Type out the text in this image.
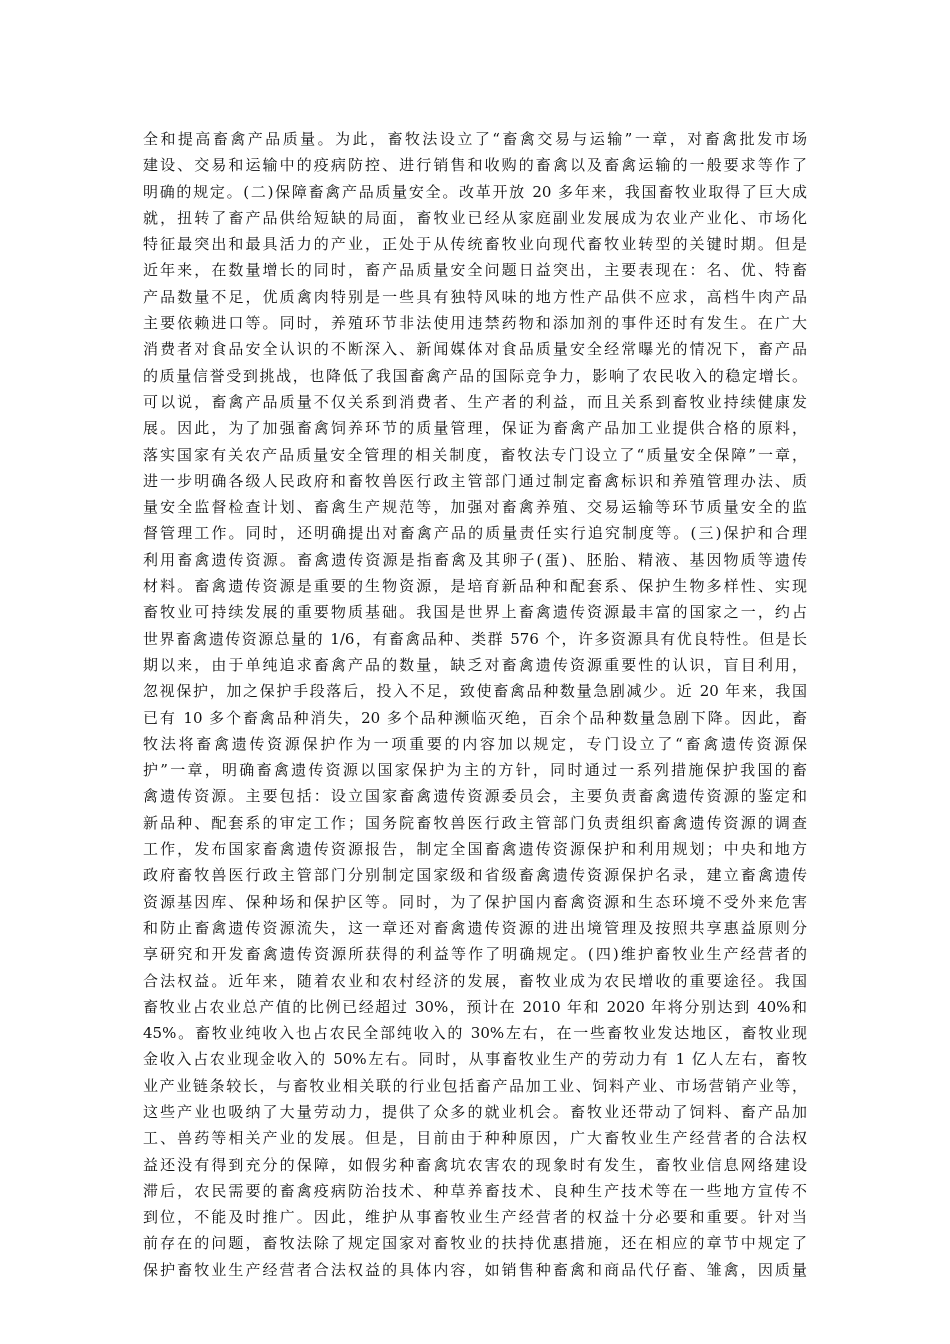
全和提高畜禽产品质量。为此，畜牧法设立了“畜禽交易与运输”一章，对畜禽批发市场
建设、交易和运输中的疫病防控、进行销售和收购的畜禽以及畜禽运输的一般要求等作了
明确的规定。(二)保障畜禽产品质量安全。改革开放 20 多年来，我国畜牧业取得了巨大成
就，扭转了畜产品供给短缺的局面，畜牧业已经从家庭副业发展成为农业产业化、市场化
特征最突出和最具活力的产业，正处于从传统畜牧业向现代畜牧业转型的关键时期。但是
近年来，在数量增长的同时，畜产品质量安全问题日益突出，主要表现在：名、优、特畜
产品数量不足，优质禽肉特别是一些具有独特风味的地方性产品供不应求，高档牛肉产品
主要依赖进口等。同时，养殖环节非法使用违禁药物和添加剂的事件还时有发生。在广大
消费者对食品安全认识的不断深入、新闻媒体对食品质量安全经常曝光的情况下，畜产品
的质量信誉受到挑战，也降低了我国畜禽产品的国际竞争力，影响了农民收入的稳定增长。
可以说，畜禽产品质量不仅关系到消费者、生产者的利益，而且关系到畜牧业持续健康发
展。因此，为了加强畜禽饲养环节的质量管理，保证为畜禽产品加工业提供合格的原料，
落实国家有关农产品质量安全管理的相关制度，畜牧法专门设立了“质量安全保障”一章，
进一步明确各级人民政府和畜牧兽医行政主管部门通过制定畜禽标识和养殖管理办法、质
量安全监督检查计划、畜禽生产规范等，加强对畜禽养殖、交易运输等环节质量安全的监
督管理工作。同时，还明确提出对畜禽产品的质量责任实行追究制度等。(三)保护和合理
利用畜禽遗传资源。畜禽遗传资源是指畜禽及其卵子(蛋)、胚胎、精液、基因物质等遗传
材料。畜禽遗传资源是重要的生物资源，是培育新品种和配套系、保护生物多样性、实现
畜牧业可持续发展的重要物质基础。我国是世界上畜禽遗传资源最丰富的国家之一，约占
世界畜禽遗传资源总量的 1/6，有畜禽品种、类群 576 个，许多资源具有优良特性。但是长
期以来，由于单纯追求畜禽产品的数量，缺乏对畜禽遗传资源重要性的认识，盲目利用，
忽视保护，加之保护手段落后，投入不足，致使畜禽品种数量急剧减少。近 20 年来，我国
已有 10 多个畜禽品种消失，20 多个品种濒临灭绝，百余个品种数量急剧下降。因此，畜
牧法将畜禽遗传资源保护作为一项重要的内容加以规定，专门设立了“畜禽遗传资源保
护”一章，明确畜禽遗传资源以国家保护为主的方针，同时通过一系列措施保护我国的畜
禽遗传资源。主要包括：设立国家畜禽遗传资源委员会，主要负责畜禽遗传资源的鉴定和
新品种、配套系的审定工作；国务院畜牧兽医行政主管部门负责组织畜禽遗传资源的调查
工作，发布国家畜禽遗传资源报告，制定全国畜禽遗传资源保护和利用规划；中央和地方
政府畜牧兽医行政主管部门分别制定国家级和省级畜禽遗传资源保护名录，建立畜禽遗传
资源基因库、保种场和保护区等。同时，为了保护国内畜禽资源和生态环境不受外来危害
和防止畜禽遗传资源流失，这一章还对畜禽遗传资源的进出境管理及按照共享惠益原则分
享研究和开发畜禽遗传资源所获得的利益等作了明确规定。(四)维护畜牧业生产经营者的
合法权益。近年来，随着农业和农村经济的发展，畜牧业成为农民增收的重要途径。我国
畜牧业占农业总产值的比例已经超过 30%，预计在 2010 年和 2020 年将分别达到 40%和
45%。畜牧业纯收入也占农民全部纯收入的 30%左右，在一些畜牧业发达地区，畜牧业现
金收入占农业现金收入的 50%左右。同时，从事畜牧业生产的劳动力有 1 亿人左右，畜牧
业产业链条较长，与畜牧业相关联的行业包括畜产品加工业、饲料产业、市场营销产业等，
这些产业也吸纳了大量劳动力，提供了众多的就业机会。畜牧业还带动了饲料、畜产品加
工、兽药等相关产业的发展。但是，目前由于种种原因，广大畜牧业生产经营者的合法权
益还没有得到充分的保障，如假劣种畜禽坑农害农的现象时有发生，畜牧业信息网络建设
滞后，农民需要的畜禽疫病防治技术、种草养畜技术、良种生产技术等在一些地方宣传不
到位，不能及时推广。因此，维护从事畜牧业生产经营者的权益十分必要和重要。针对当
前存在的问题，畜牧法除了规定国家对畜牧业的扶持优惠措施，还在相应的章节中规定了
保护畜牧业生产经营者合法权益的具体内容，如销售种畜禽和商品代仔畜、雏禽，因质量
